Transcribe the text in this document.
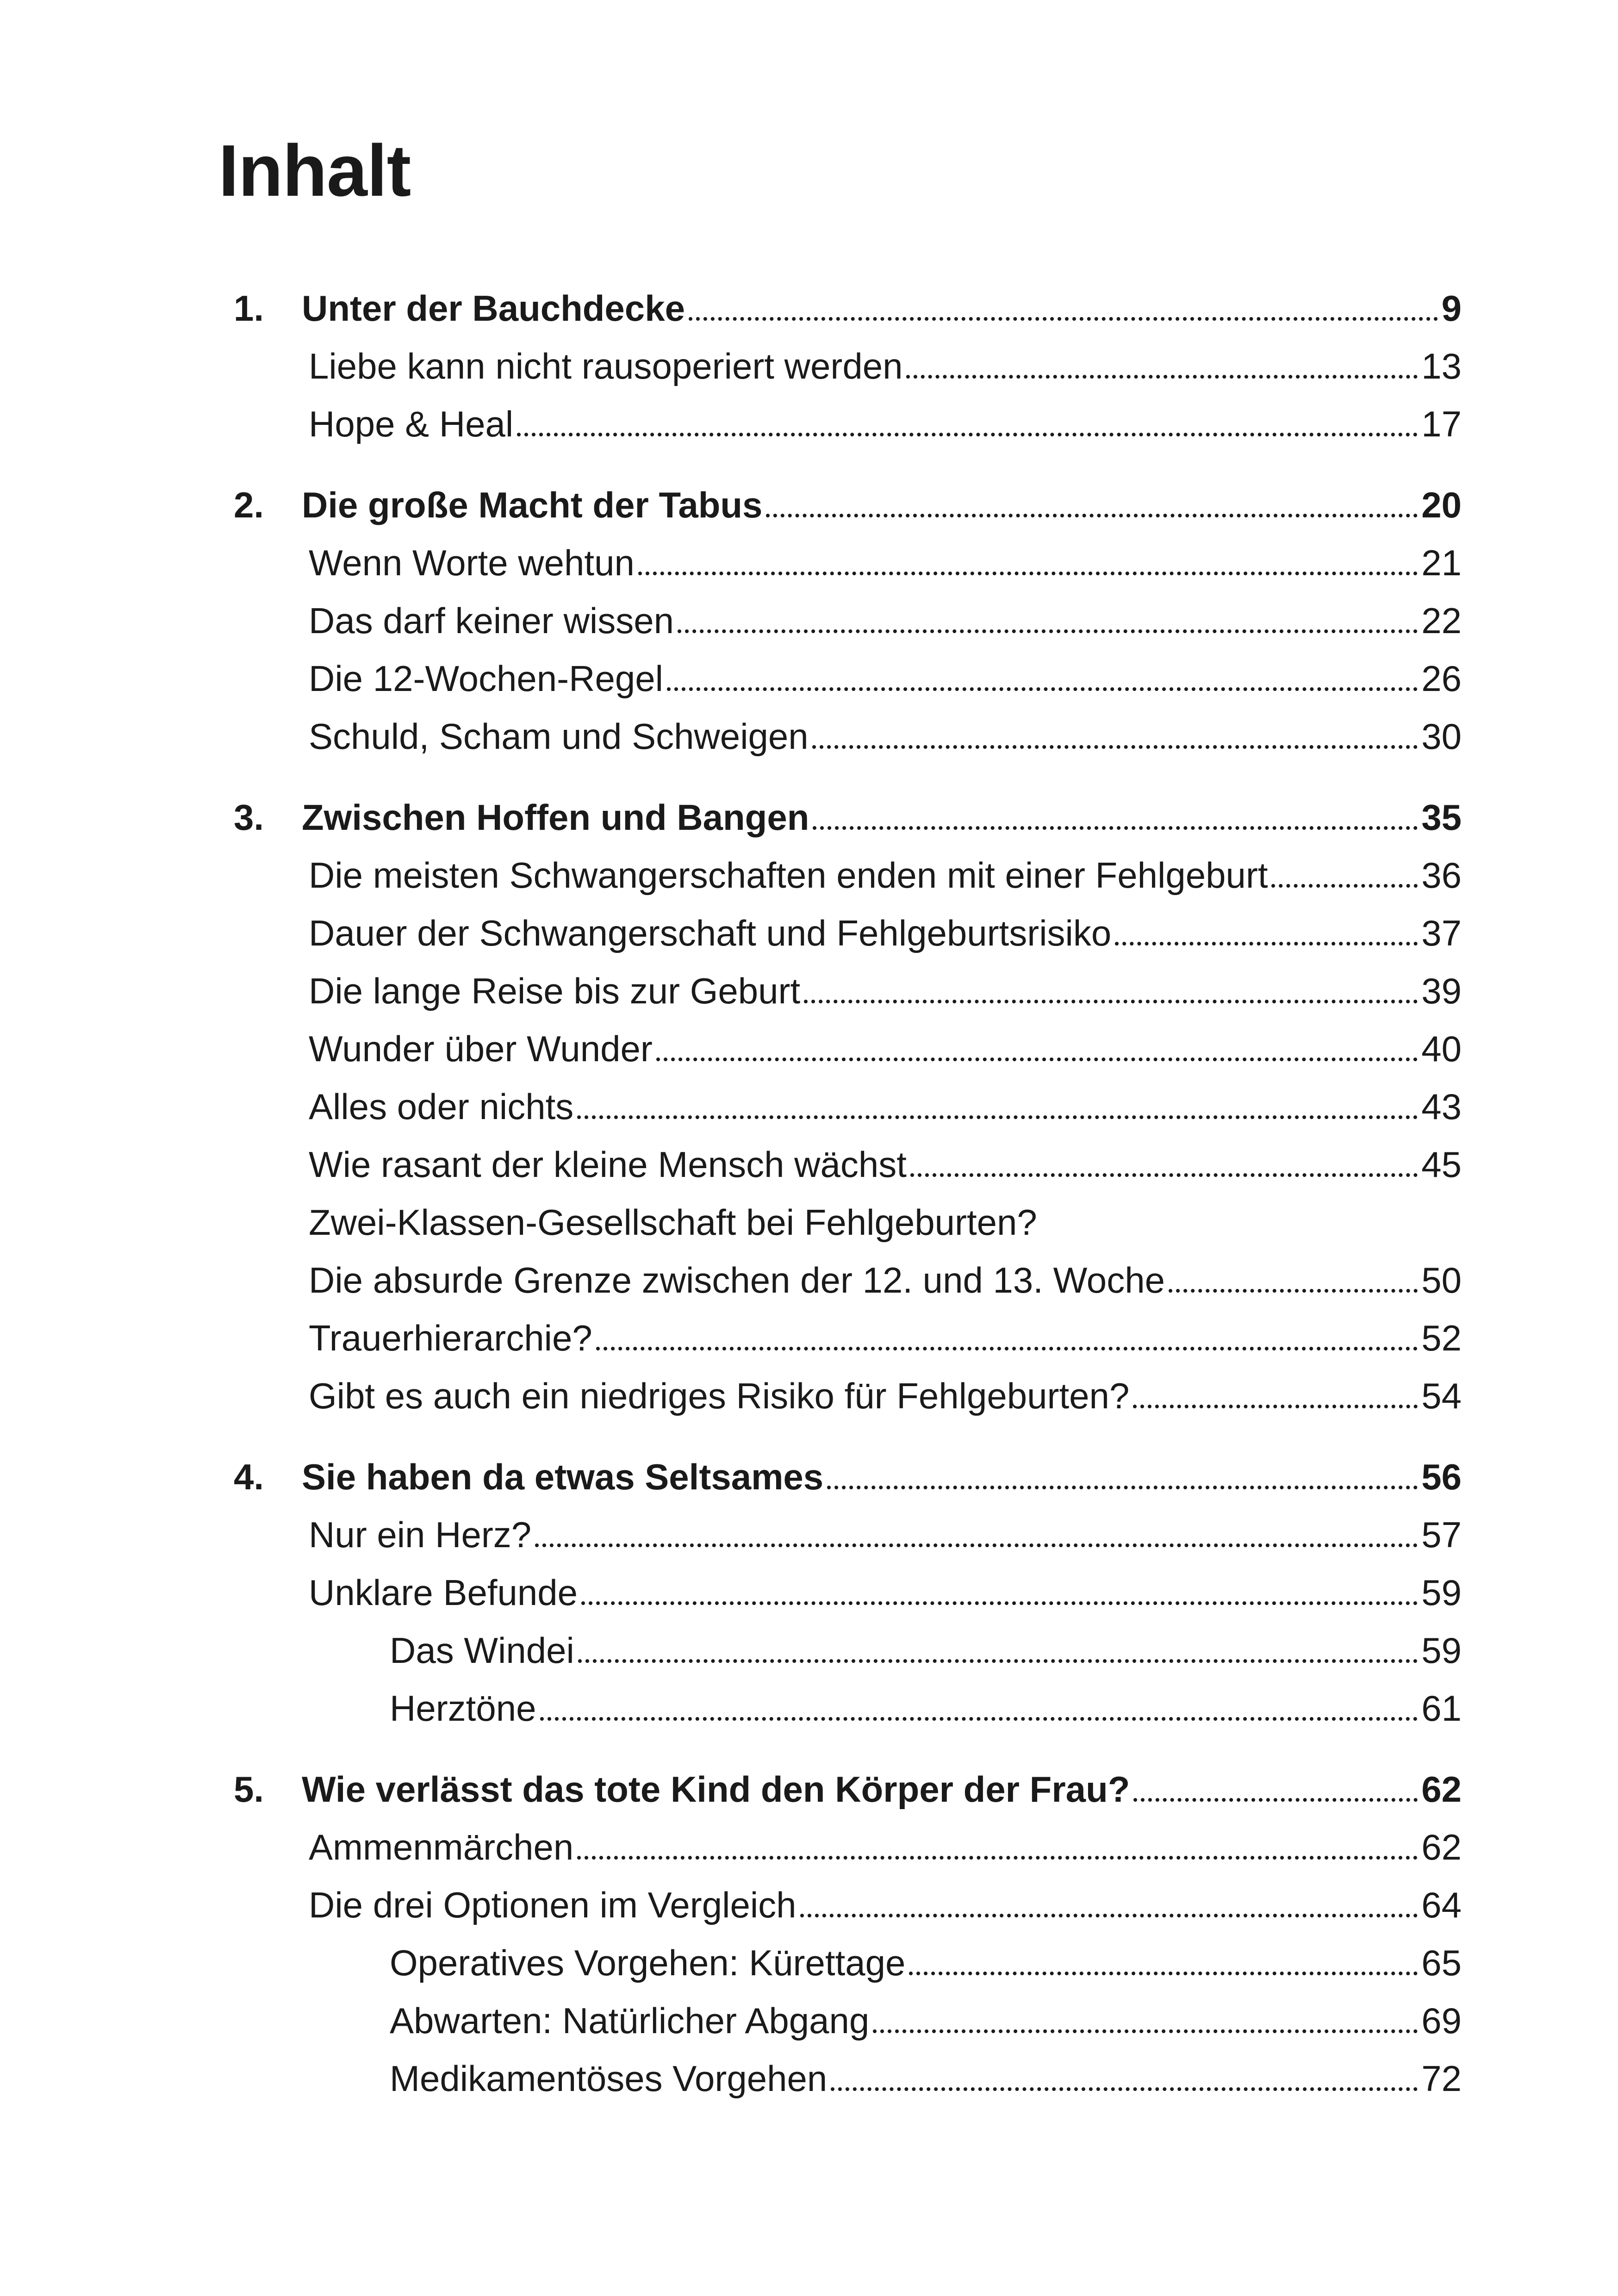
Inhalt
1. Unter der Bauchdecke	9
Liebe kann nicht rausoperiert werden	13
Hope & Heal	17
2. Die große Macht der Tabus	20
Wenn Worte wehtun	21
Das darf keiner wissen	22
Die 12-Wochen-Regel	26
Schuld, Scham und Schweigen	30
3. Zwischen Hoffen und Bangen	35
Die meisten Schwangerschaften enden mit einer Fehlgeburt	36
Dauer der Schwangerschaft und Fehlgeburtsrisiko	37
Die lange Reise bis zur Geburt	39
Wunder über Wunder	40
Alles oder nichts	43
Wie rasant der kleine Mensch wächst	45
Zwei-Klassen-Gesellschaft bei Fehlgeburten?
Die absurde Grenze zwischen der 12. und 13. Woche	50
Trauerhierarchie?	52
Gibt es auch ein niedriges Risiko für Fehlgeburten?	54
4. Sie haben da etwas Seltsames	56
Nur ein Herz?	57
Unklare Befunde	59
Das Windei	59
Herztöne	61
5. Wie verlässt das tote Kind den Körper der Frau?	62
Ammenmärchen	62
Die drei Optionen im Vergleich	64
Operatives Vorgehen: Kürettage	65
Abwarten: Natürlicher Abgang	69
Medikamentöses Vorgehen	72
